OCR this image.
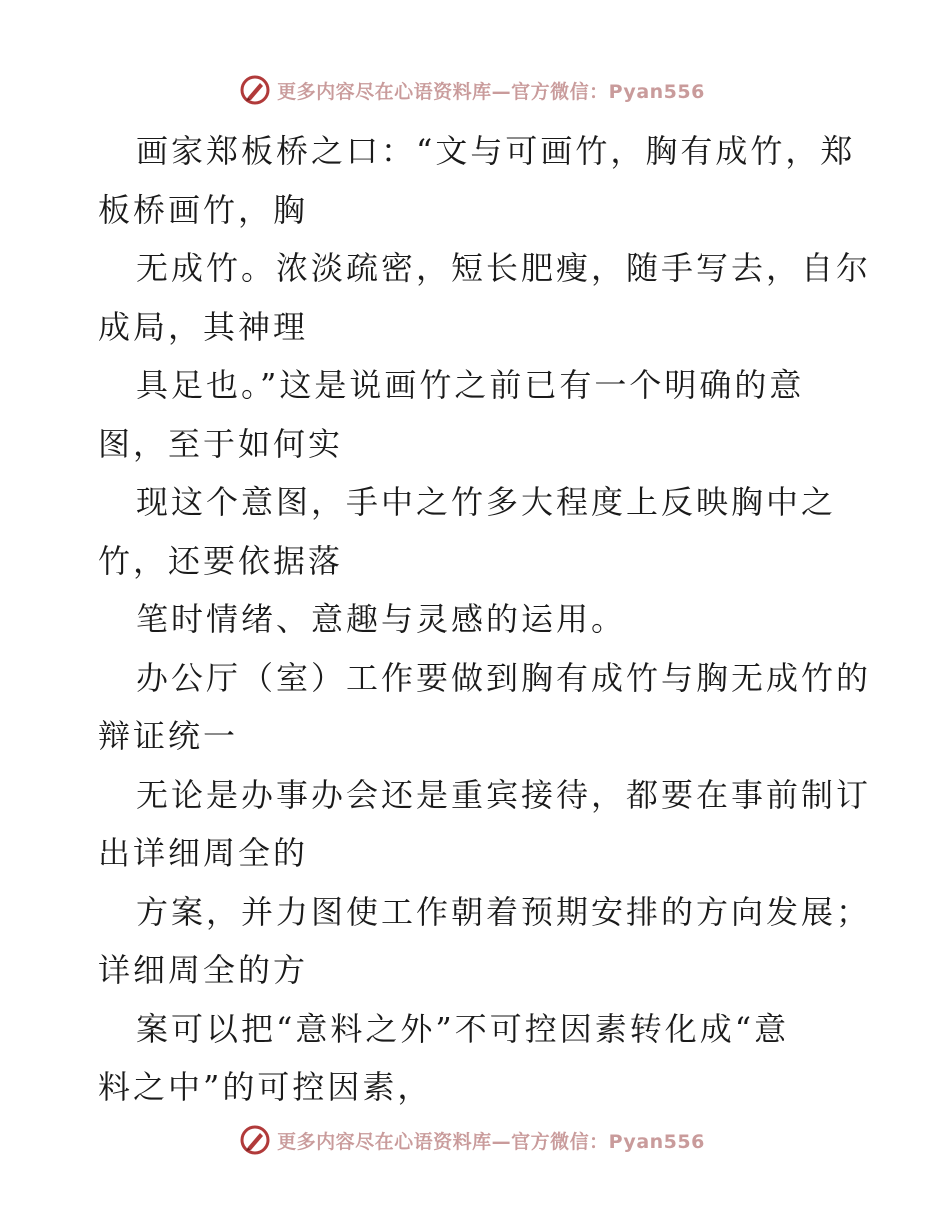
更多内容尽在心语资料库—官方微信：Pyan556
画家郑板桥之口：“文与可画竹，胸有成竹，郑
板桥画竹，胸
无成竹。浓淡疏密，短长肥瘦，随手写去，自尔
成局，其神理
具足也。”这是说画竹之前已有一个明确的意
图，至于如何实
现这个意图，手中之竹多大程度上反映胸中之
竹，还要依据落
笔时情绪、意趣与灵感的运用。
办公厅（室）工作要做到胸有成竹与胸无成竹的
辩证统一
无论是办事办会还是重宾接待，都要在事前制订
出详细周全的
方案，并力图使工作朝着预期安排的方向发展；
详细周全的方
案可以把“意料之外”不可控因素转化成“意
料之中”的可控因素，
更多内容尽在心语资料库—官方微信：Pyan556
